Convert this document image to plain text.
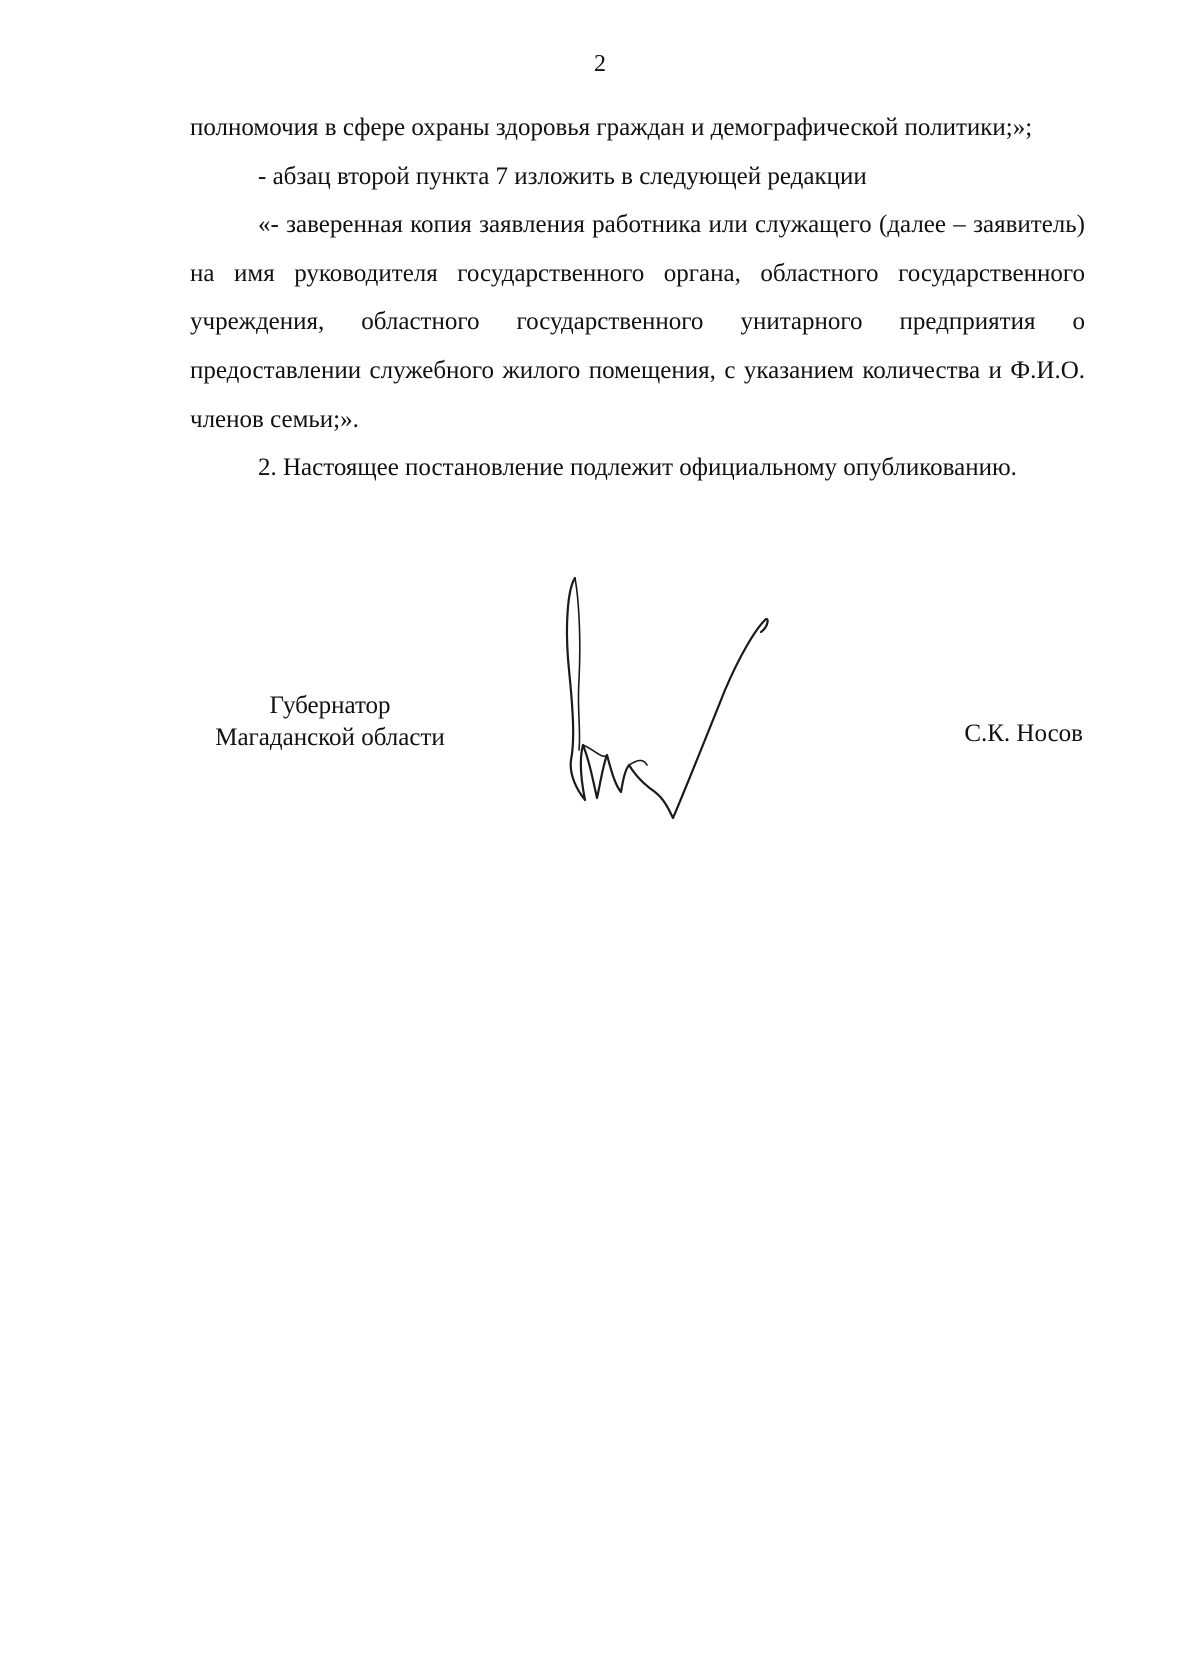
2

полномочия в сфере охраны здоровья граждан и демографической политики;»;

- абзац второй пункта 7 изложить в следующей редакции

«- заверенная копия заявления работника или служащего (далее – заявитель) на имя руководителя государственного органа, областного государственного учреждения, областного государственного унитарного предприятия о предоставлении служебного жилого помещения, с указанием количества и Ф.И.О. членов семьи;».

2. Настоящее постановление подлежит официальному опубликованию.

Губернатор
Магаданской области	С.К. Носов
